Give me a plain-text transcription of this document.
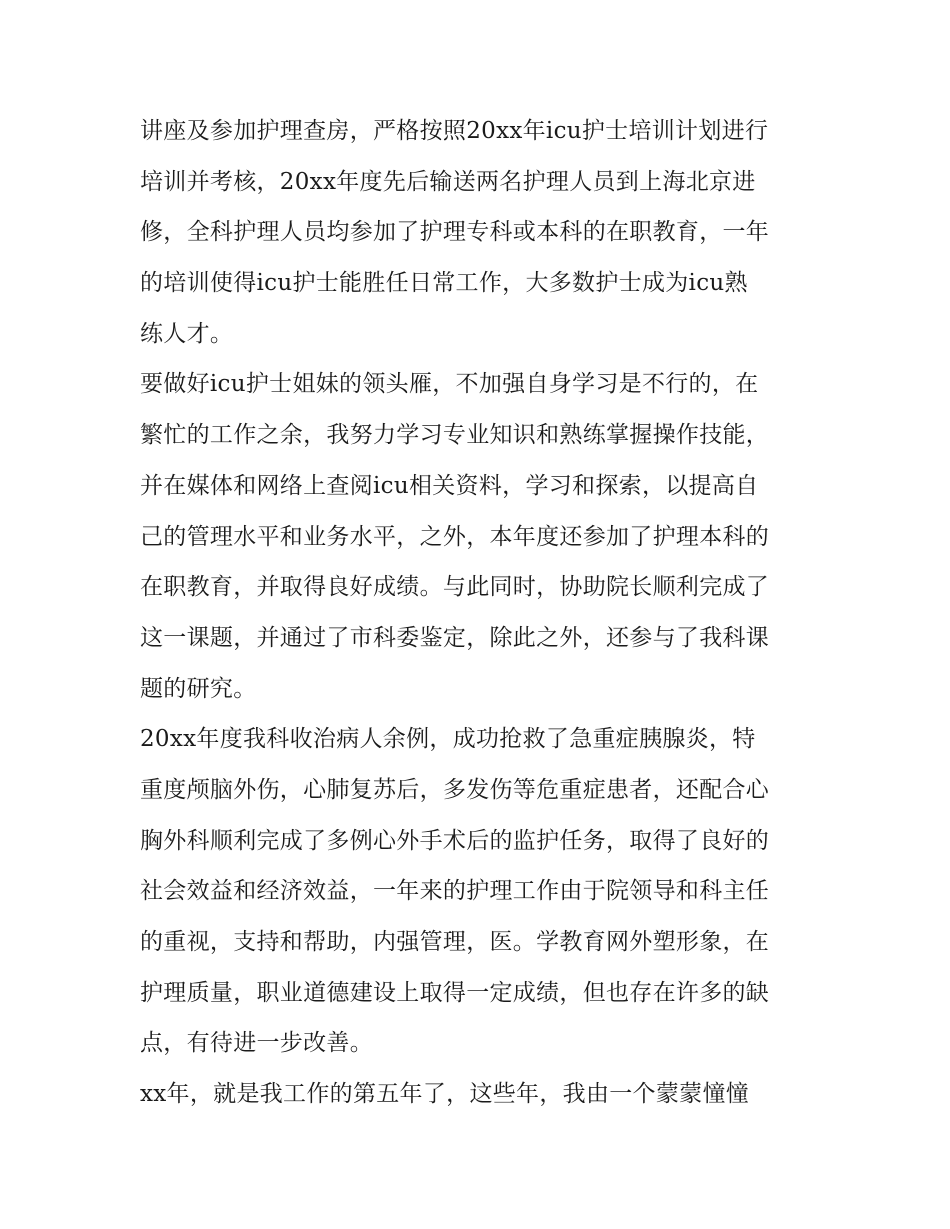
讲座及参加护理查房，严格按照20xx年icu护士培训计划进行
培训并考核，20xx年度先后输送两名护理人员到上海北京进
修，全科护理人员均参加了护理专科或本科的在职教育，一年
的培训使得icu护士能胜任日常工作，大多数护士成为icu熟
练人才。
要做好icu护士姐妹的领头雁，不加强自身学习是不行的，在
繁忙的工作之余，我努力学习专业知识和熟练掌握操作技能，
并在媒体和网络上查阅icu相关资料，学习和探索，以提高自
己的管理水平和业务水平，之外，本年度还参加了护理本科的
在职教育，并取得良好成绩。与此同时，协助院长顺利完成了
这一课题，并通过了市科委鉴定，除此之外，还参与了我科课
题的研究。
20xx年度我科收治病人余例，成功抢救了急重症胰腺炎，特
重度颅脑外伤，心肺复苏后，多发伤等危重症患者，还配合心
胸外科顺利完成了多例心外手术后的监护任务，取得了良好的
社会效益和经济效益，一年来的护理工作由于院领导和科主任
的重视，支持和帮助，内强管理，医。学教育网外塑形象，在
护理质量，职业道德建设上取得一定成绩，但也存在许多的缺
点，有待进一步改善。
xx年，就是我工作的第五年了，这些年，我由一个蒙蒙憧憧
